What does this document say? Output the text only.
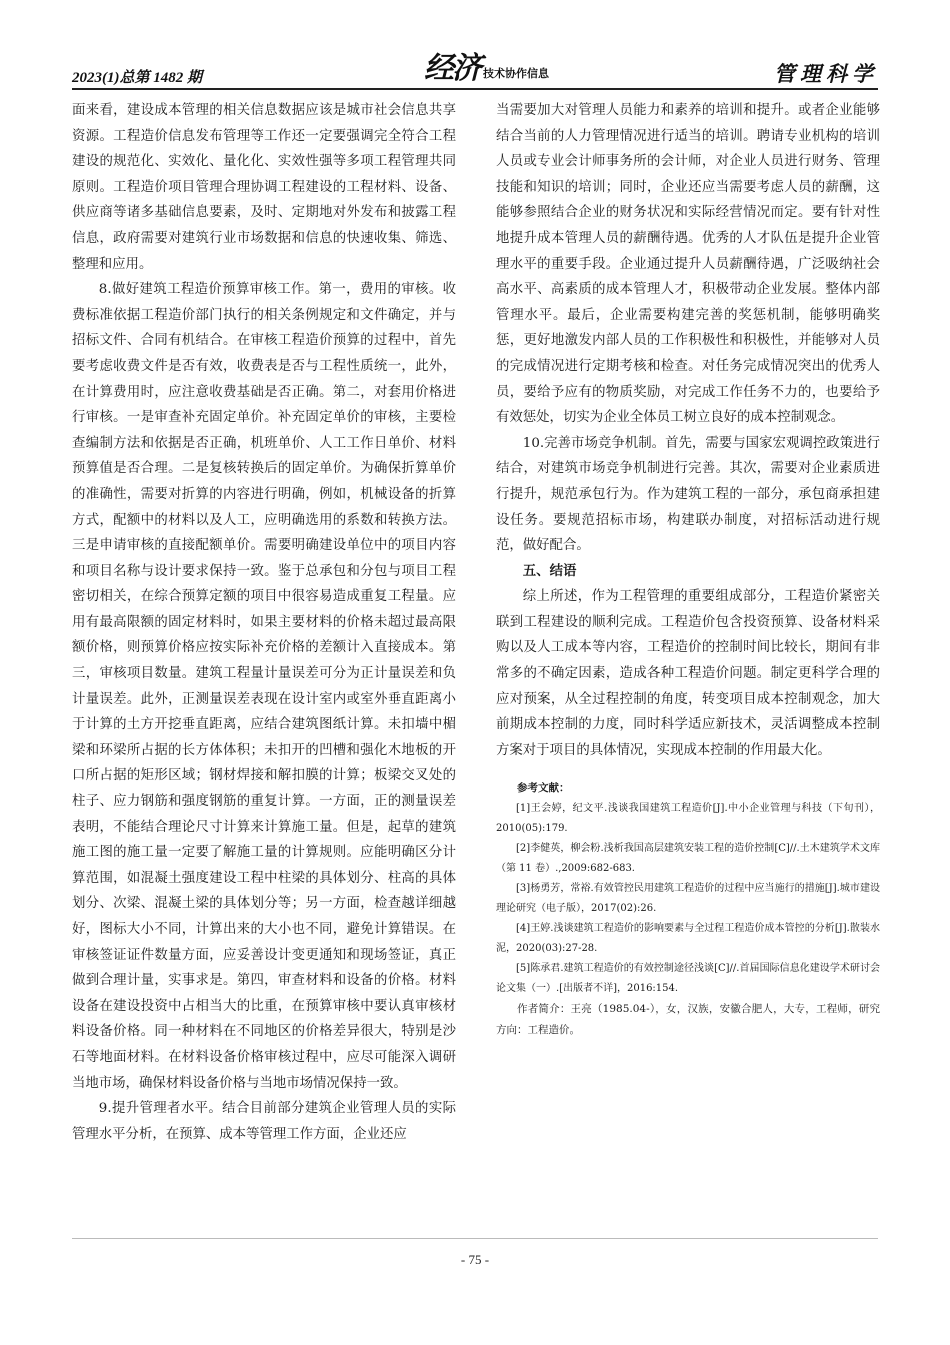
2023(1)总第 1482 期	经济 技术协作信息	管理科学

面来看，建设成本管理的相关信息数据应该是城市社会信息共享资源。工程造价信息发布管理等工作还一定要强调完全符合工程建设的规范化、实效化、量化化、实效性强等多项工程管理共同原则。工程造价项目管理合理协调工程建设的工程材料、设备、供应商等诸多基础信息要素，及时、定期地对外发布和披露工程信息，政府需要对建筑行业市场数据和信息的快速收集、筛选、整理和应用。

8.做好建筑工程造价预算审核工作。第一，费用的审核。收费标准依据工程造价部门执行的相关条例规定和文件确定，并与招标文件、合同有机结合。在审核工程造价预算的过程中，首先要考虑收费文件是否有效，收费表是否与工程性质统一，此外，在计算费用时，应注意收费基础是否正确。第二，对套用价格进行审核。一是审查补充固定单价。补充固定单价的审核，主要检查编制方法和依据是否正确，机班单价、人工工作日单价、材料预算值是否合理。二是复核转换后的固定单价。为确保折算单价的准确性，需要对折算的内容进行明确，例如，机械设备的折算方式，配额中的材料以及人工，应明确选用的系数和转换方法。三是申请审核的直接配额单价。需要明确建设单位中的项目内容和项目名称与设计要求保持一致。鉴于总承包和分包与项目工程密切相关，在综合预算定额的项目中很容易造成重复工程量。应用有最高限额的固定材料时，如果主要材料的价格未超过最高限额价格，则预算价格应按实际补充价格的差额计入直接成本。第三，审核项目数量。建筑工程量计量误差可分为正计量误差和负计量误差。此外，正测量误差表现在设计室内或室外垂直距离小于计算的土方开挖垂直距离，应结合建筑图纸计算。未扣墙中楣梁和环梁所占据的长方体体积；未扣开的凹槽和强化木地板的开口所占据的矩形区域；钢材焊接和解扣膜的计算；板梁交叉处的柱子、应力钢筋和强度钢筋的重复计算。一方面，正的测量误差表明，不能结合理论尺寸计算来计算施工量。但是，起草的建筑施工图的施工量一定要了解施工量的计算规则。应能明确区分计算范围，如混凝土强度建设工程中柱梁的具体划分、柱高的具体划分、次梁、混凝土梁的具体划分等；另一方面，检查越详细越好，图标大小不同，计算出来的大小也不同，避免计算错误。在审核签证证件数量方面，应妥善设计变更通知和现场签证，真正做到合理计量，实事求是。第四，审查材料和设备的价格。材料设备在建设投资中占相当大的比重，在预算审核中要认真审核材料设备价格。同一种材料在不同地区的价格差异很大，特别是沙石等地面材料。在材料设备价格审核过程中，应尽可能深入调研当地市场，确保材料设备价格与当地市场情况保持一致。

9.提升管理者水平。结合目前部分建筑企业管理人员的实际管理水平分析，在预算、成本等管理工作方面，企业还应

当需要加大对管理人员能力和素养的培训和提升。或者企业能够结合当前的人力管理情况进行适当的培训。聘请专业机构的培训人员或专业会计师事务所的会计师，对企业人员进行财务、管理技能和知识的培训；同时，企业还应当需要考虑人员的薪酬，这能够参照结合企业的财务状况和实际经营情况而定。要有针对性地提升成本管理人员的薪酬待遇。优秀的人才队伍是提升企业管理水平的重要手段。企业通过提升人员薪酬待遇，广泛吸纳社会高水平、高素质的成本管理人才，积极带动企业发展。整体内部管理水平。最后，企业需要构建完善的奖惩机制，能够明确奖惩，更好地激发内部人员的工作积极性和积极性，并能够对人员的完成情况进行定期考核和检查。对任务完成情况突出的优秀人员，要给予应有的物质奖励，对完成工作任务不力的，也要给予有效惩处，切实为企业全体员工树立良好的成本控制观念。

10.完善市场竞争机制。首先，需要与国家宏观调控政策进行结合，对建筑市场竞争机制进行完善。其次，需要对企业素质进行提升，规范承包行为。作为建筑工程的一部分，承包商承担建设任务。要规范招标市场，构建联办制度，对招标活动进行规范，做好配合。

五、结语

综上所述，作为工程管理的重要组成部分，工程造价紧密关联到工程建设的顺利完成。工程造价包含投资预算、设备材料采购以及人工成本等内容，工程造价的控制时间比较长，期间有非常多的不确定因素，造成各种工程造价问题。制定更科学合理的应对预案，从全过程控制的角度，转变项目成本控制观念，加大前期成本控制的力度，同时科学适应新技术，灵活调整成本控制方案对于项目的具体情况，实现成本控制的作用最大化。

参考文献：

[1]王会婷，纪文平.浅谈我国建筑工程造价[J].中小企业管理与科技（下旬刊），2010(05):179.

[2]李健英，柳会粉.浅析我国高层建筑安装工程的造价控制[C]//.土木建筑学术文库（第 11 卷）.,2009:682-683.

[3]杨勇芳，常裕.有效管控民用建筑工程造价的过程中应当施行的措施[J].城市建设理论研究（电子版），2017(02):26.

[4]王婷.浅谈建筑工程造价的影响要素与全过程工程造价成本管控的分析[J].散装水泥，2020(03):27-28.

[5]陈承君.建筑工程造价的有效控制途径浅谈[C]//.首届国际信息化建设学术研讨会论文集（一）.[出版者不详]，2016:154.

作者简介：王亮（1985.04-），女，汉族，安徽合肥人，大专，工程师，研究方向：工程造价。

- 75 -
